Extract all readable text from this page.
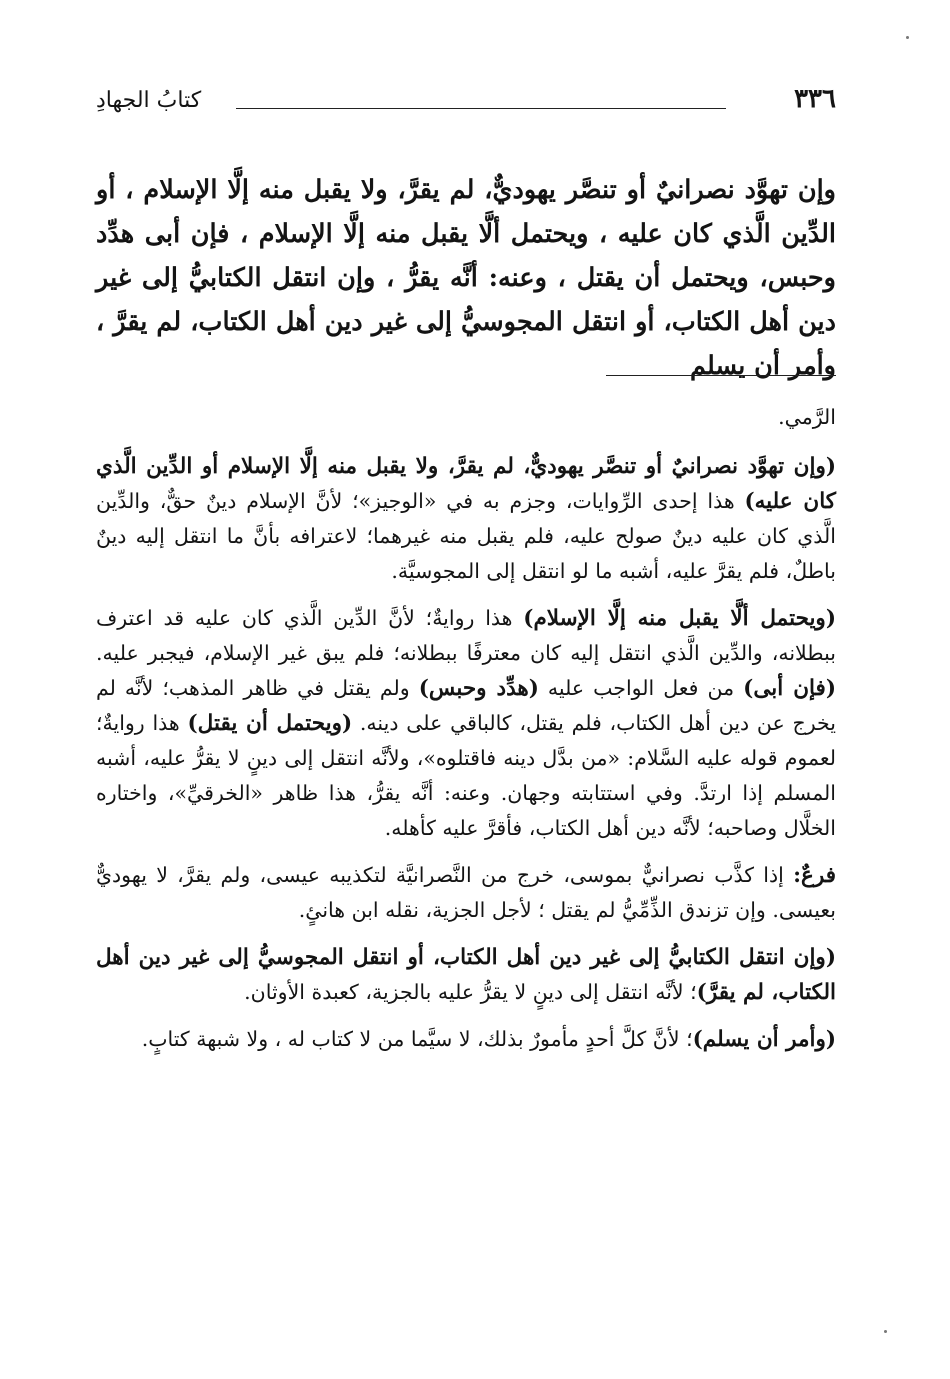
٣٣٦
كتابُ الجهادِ
وإن تهوَّد نصرانيٌ أو تنصَّر يهوديٌّ، لم يقرَّ، ولا يقبل منه إلَّا الإسلام ، أو الدِّين الَّذي كان عليه ، ويحتمل ألَّا يقبل منه إلَّا الإسلام ، فإن أبى هدِّد وحبس، ويحتمل أن يقتل ، وعنه: أنَّه يقرُّ ، وإن انتقل الكتابيُّ إلى غير دين أهل الكتاب، أو انتقل المجوسيُّ إلى غير دين أهل الكتاب، لم يقرَّ ، وأمر أن يسلم

الرَّمي.

(وإن تهوَّد نصرانيٌ أو تنصَّر يهوديٌّ، لم يقرَّ، ولا يقبل منه إلَّا الإسلام أو الدِّين الَّذي كان عليه) هذا إحدى الرِّوايات، وجزم به في «الوجيز»؛ لأنَّ الإسلام دينٌ حقٌّ، والدِّين الَّذي كان عليه دينٌ صولح عليه، فلم يقبل منه غيرهما؛ لاعترافه بأنَّ ما انتقل إليه دينٌ باطلٌ، فلم يقرَّ عليه، أشبه ما لو انتقل إلى المجوسيَّة.

(ويحتمل ألَّا يقبل منه إلَّا الإسلام) هذا روايةٌ؛ لأنَّ الدِّين الَّذي كان عليه قد اعترف ببطلانه، والدِّين الَّذي انتقل إليه كان معترفًا ببطلانه؛ فلم يبق غير الإسلام، فيجبر عليه. (فإن أبى) من فعل الواجب عليه (هدِّد وحبس) ولم يقتل في ظاهر المذهب؛ لأنَّه لم يخرج عن دين أهل الكتاب، فلم يقتل، كالباقي على دينه. (ويحتمل أن يقتل) هذا روايةٌ؛ لعموم قوله عليه السَّلام: «من بدَّل دينه فاقتلوه»، ولأنَّه انتقل إلى دينٍ لا يقرُّ عليه، أشبه المسلم إذا ارتدَّ. وفي استتابته وجهان. وعنه: أنَّه يقرُّ، هذا ظاهر «الخرقيِّ»، واختاره الخلَّال وصاحبه؛ لأنَّه دين أهل الكتاب، فأقرَّ عليه كأهله.

فرعٌ: إذا كذَّب نصرانيٌّ بموسى، خرج من النَّصرانيَّة لتكذيبه عيسى، ولم يقرَّ، لا يهوديٌّ بعيسى. وإن تزندق الذِّمِّيُّ لم يقتل ؛ لأجل الجزية، نقله ابن هانئٍ.

(وإن انتقل الكتابيُّ إلى غير دين أهل الكتاب، أو انتقل المجوسيُّ إلى غير دين أهل الكتاب، لم يقرَّ)؛ لأنَّه انتقل إلى دينٍ لا يقرُّ عليه بالجزية، كعبدة الأوثان.

(وأمر أن يسلم)؛ لأنَّ كلَّ أحدٍ مأمورٌ بذلك، لا سيَّما من لا كتاب له ، ولا شبهة كتابٍ.
